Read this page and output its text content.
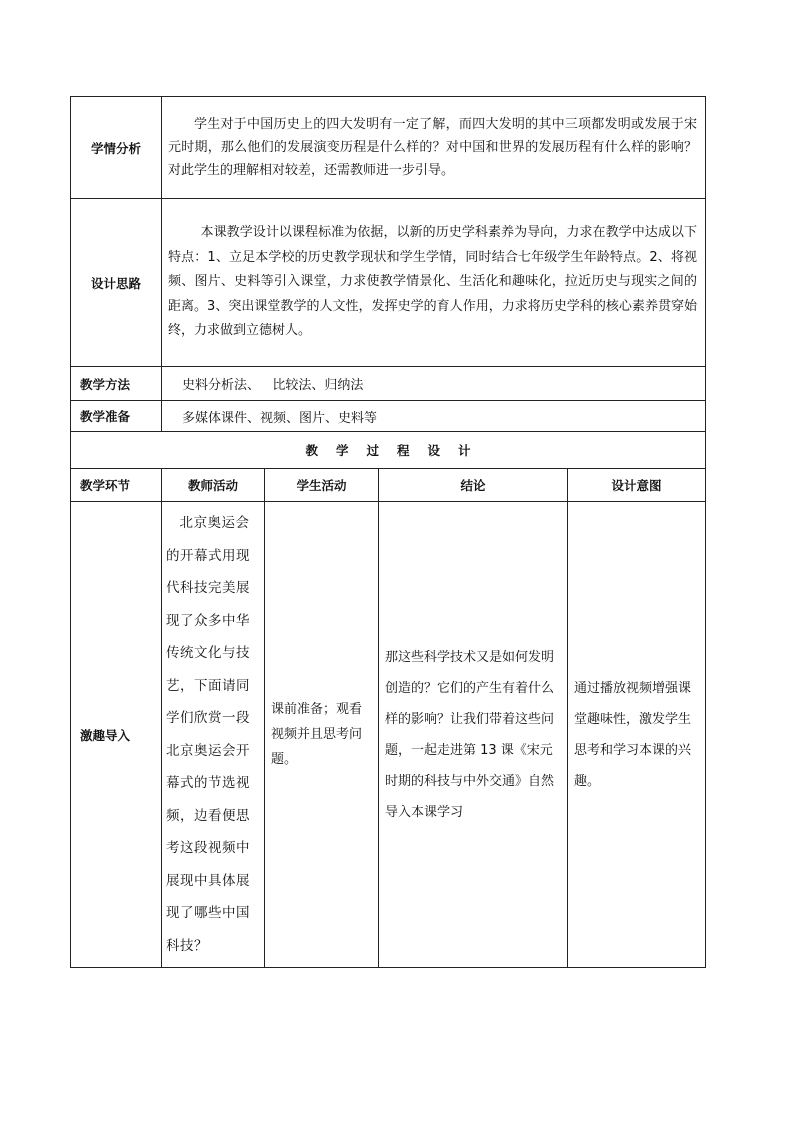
学情分析	学生对于中国历史上的四大发明有一定了解，而四大发明的其中三项都发明或发展于宋元时期，那么他们的发展演变历程是什么样的？对中国和世界的发展历程有什么样的影响？对此学生的理解相对较差，还需教师进一步引导。			

设计思路	本课教学设计以课程标准为依据，以新的历史学科素养为导向，力求在教学中达成以下特点：1、立足本学校的历史教学现状和学生学情，同时结合七年级学生年龄特点。2、将视频、图片、史料等引入课堂，力求使教学情景化、生活化和趣味化，拉近历史与现实之间的距离。3、突出课堂教学的人文性，发挥史学的育人作用，力求将历史学科的核心素养贯穿始终，力求做到立德树人。			

教学方法	史料分析法、   比较法、归纳法			
教学准备	多媒体课件、视频、图片、史料等			
教学过程设计				
教学环节	教师活动	学生活动	结论	设计意图
激趣导入	北京奥运会的开幕式用现代科技完美展现了众多中华传统文化与技艺，下面请同学们欣赏一段北京奥运会开幕式的节选视频，边看便思考这段视频中展现中具体展现了哪些中国科技？	课前准备；观看视频并且思考问题。	那这些科学技术又是如何发明创造的？它们的产生有着什么样的影响？让我们带着这些问题，一起走进第 13 课《宋元时期的科技与中外交通》自然导入本课学习	通过播放视频增强课堂趣味性，激发学生思考和学习本课的兴趣。
